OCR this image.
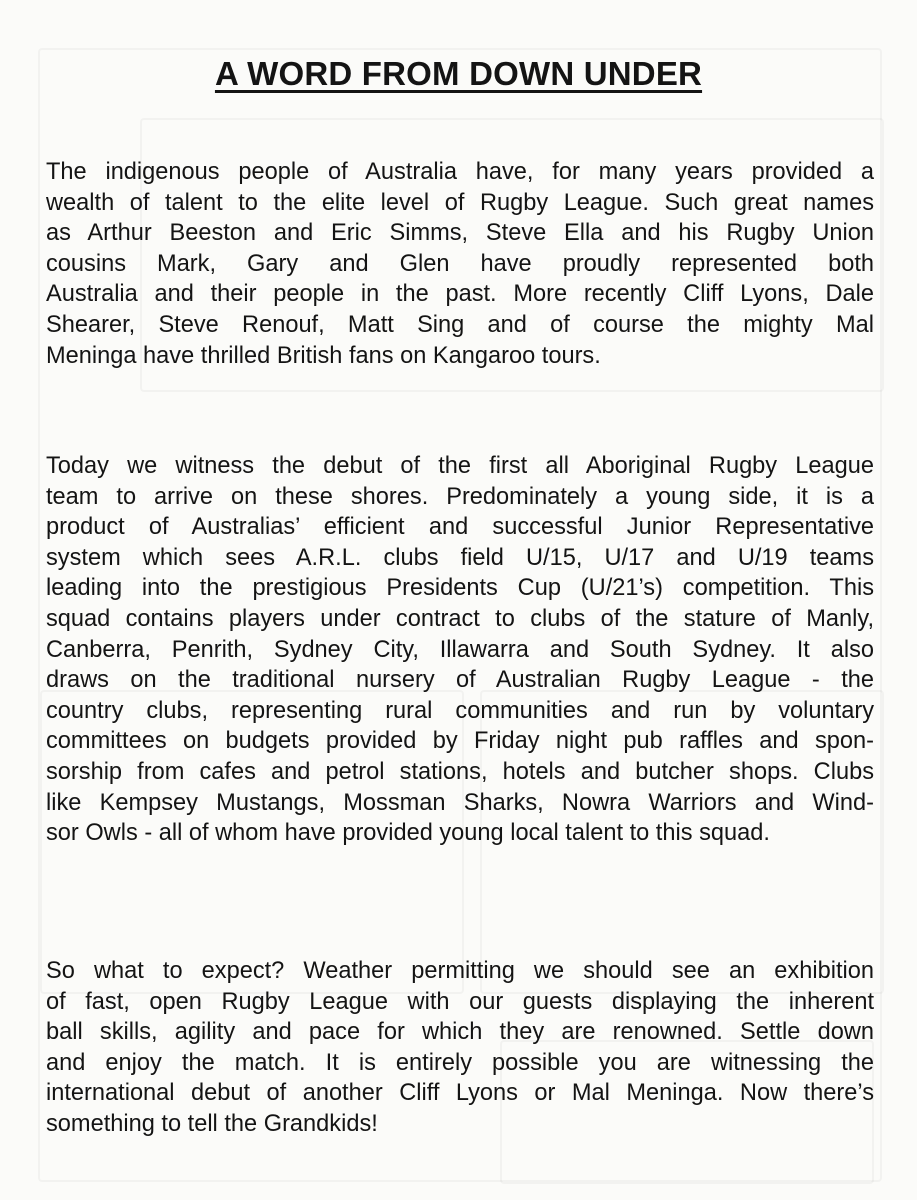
A WORD FROM DOWN UNDER

The indigenous people of Australia have, for many years provided a
wealth of talent to the elite level of Rugby League. Such great names
as Arthur Beeston and Eric Simms, Steve Ella and his Rugby Union
cousins Mark, Gary and Glen have proudly represented both
Australia and their people in the past. More recently Cliff Lyons, Dale
Shearer, Steve Renouf, Matt Sing and of course the mighty Mal
Meninga have thrilled British fans on Kangaroo tours.

Today we witness the debut of the first all Aboriginal Rugby League
team to arrive on these shores. Predominately a young side, it is a
product of Australias’ efficient and successful Junior Representative
system which sees A.R.L. clubs field U/15, U/17 and U/19 teams
leading into the prestigious Presidents Cup (U/21’s) competition. This
squad contains players under contract to clubs of the stature of Manly,
Canberra, Penrith, Sydney City, Illawarra and South Sydney. It also
draws on the traditional nursery of Australian Rugby League - the
country clubs, representing rural communities and run by voluntary
committees on budgets provided by Friday night pub raffles and spon-
sorship from cafes and petrol stations, hotels and butcher shops. Clubs
like Kempsey Mustangs, Mossman Sharks, Nowra Warriors and Wind-
sor Owls - all of whom have provided young local talent to this squad.

So what to expect? Weather permitting we should see an exhibition
of fast, open Rugby League with our guests displaying the inherent
ball skills, agility and pace for which they are renowned. Settle down
and enjoy the match. It is entirely possible you are witnessing the
international debut of another Cliff Lyons or Mal Meninga. Now there’s
something to tell the Grandkids!
